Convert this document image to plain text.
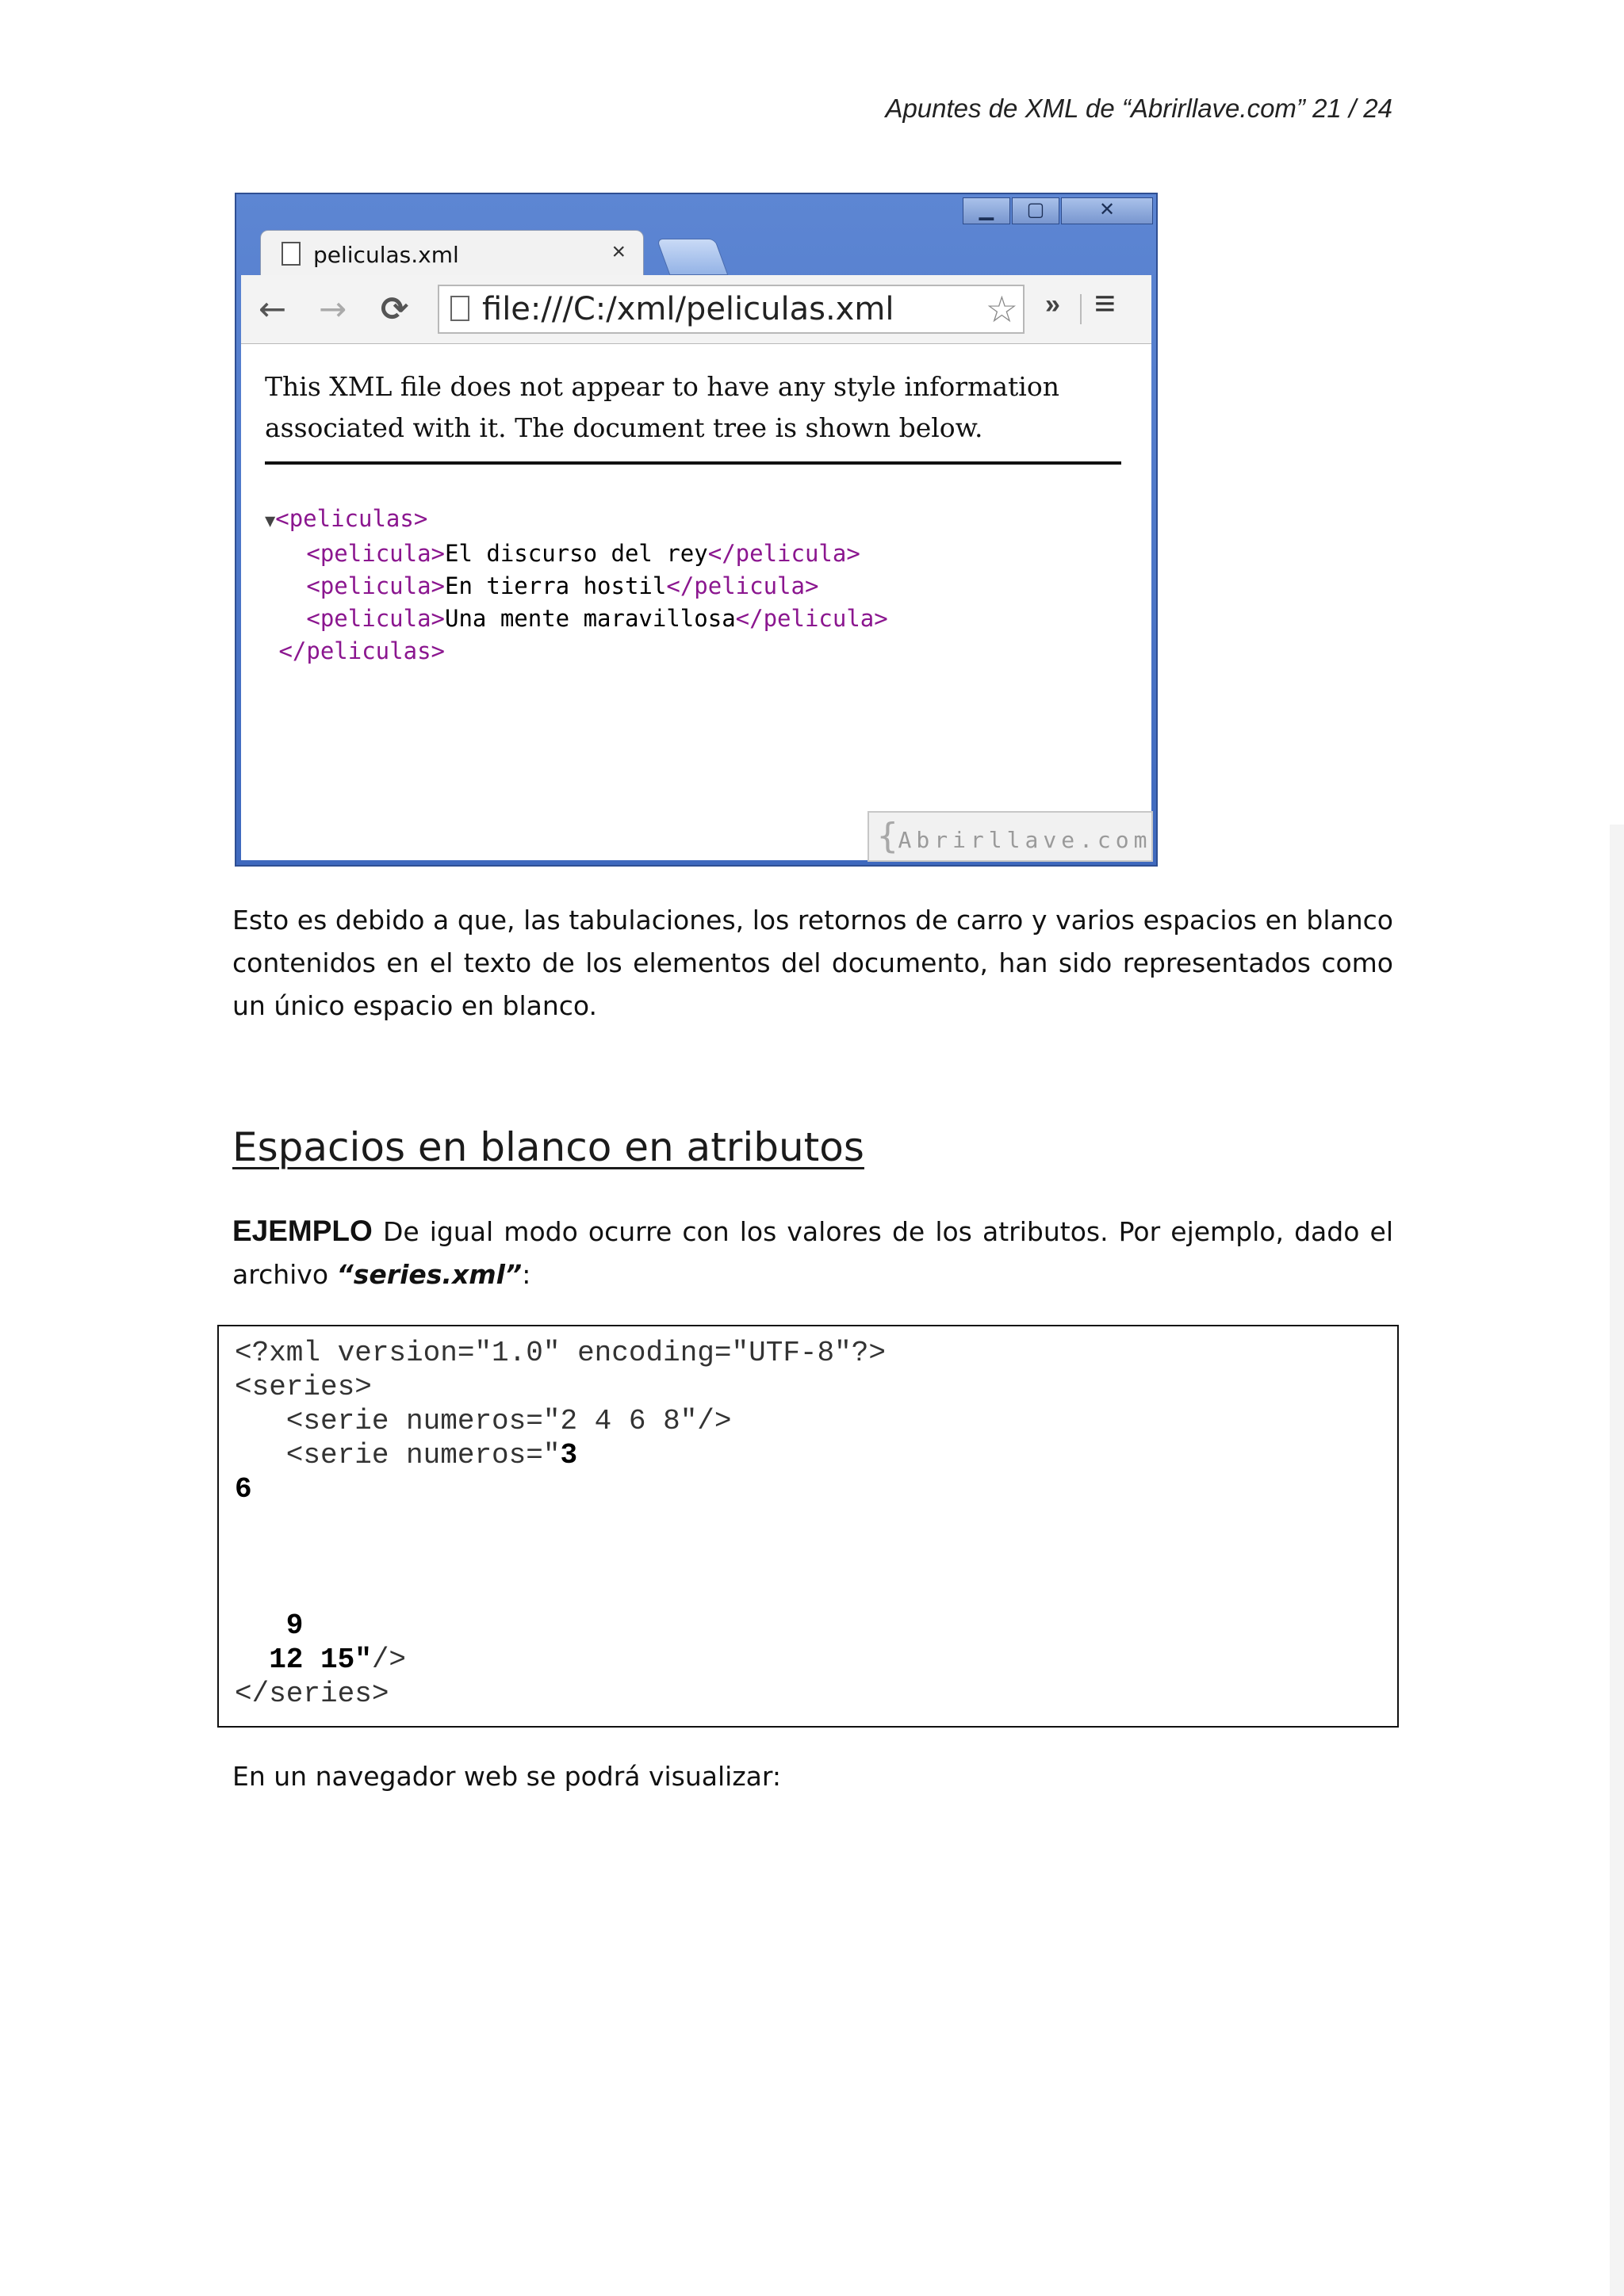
Apuntes de XML de “Abrirllave.com” 21 / 24
▁	▢	✕
peliculas.xml	×
← → ⟳ file:///C:/xml/peliculas.xml	☆ » ≡
This XML file does not appear to have any style information
associated with it. The document tree is shown below.
▼<peliculas>
<pelicula>El discurso del rey</pelicula>
<pelicula>En tierra hostil</pelicula>
<pelicula>Una mente maravillosa</pelicula>
</peliculas>
{Abrirllave.com
Esto es debido a que, las tabulaciones, los retornos de carro y varios espacios en blanco contenidos en el texto de los elementos del documento, han sido representados como un único espacio en blanco.
Espacios en blanco en atributos
EJEMPLO De igual modo ocurre con los valores de los atributos. Por ejemplo, dado el archivo “series.xml”:
<?xml version="1.0" encoding="UTF-8"?>
<series>
<serie numeros="2 4 6 8"/>
<serie numeros="3
6

9
12 15"/>
</series>
En un navegador web se podrá visualizar:
